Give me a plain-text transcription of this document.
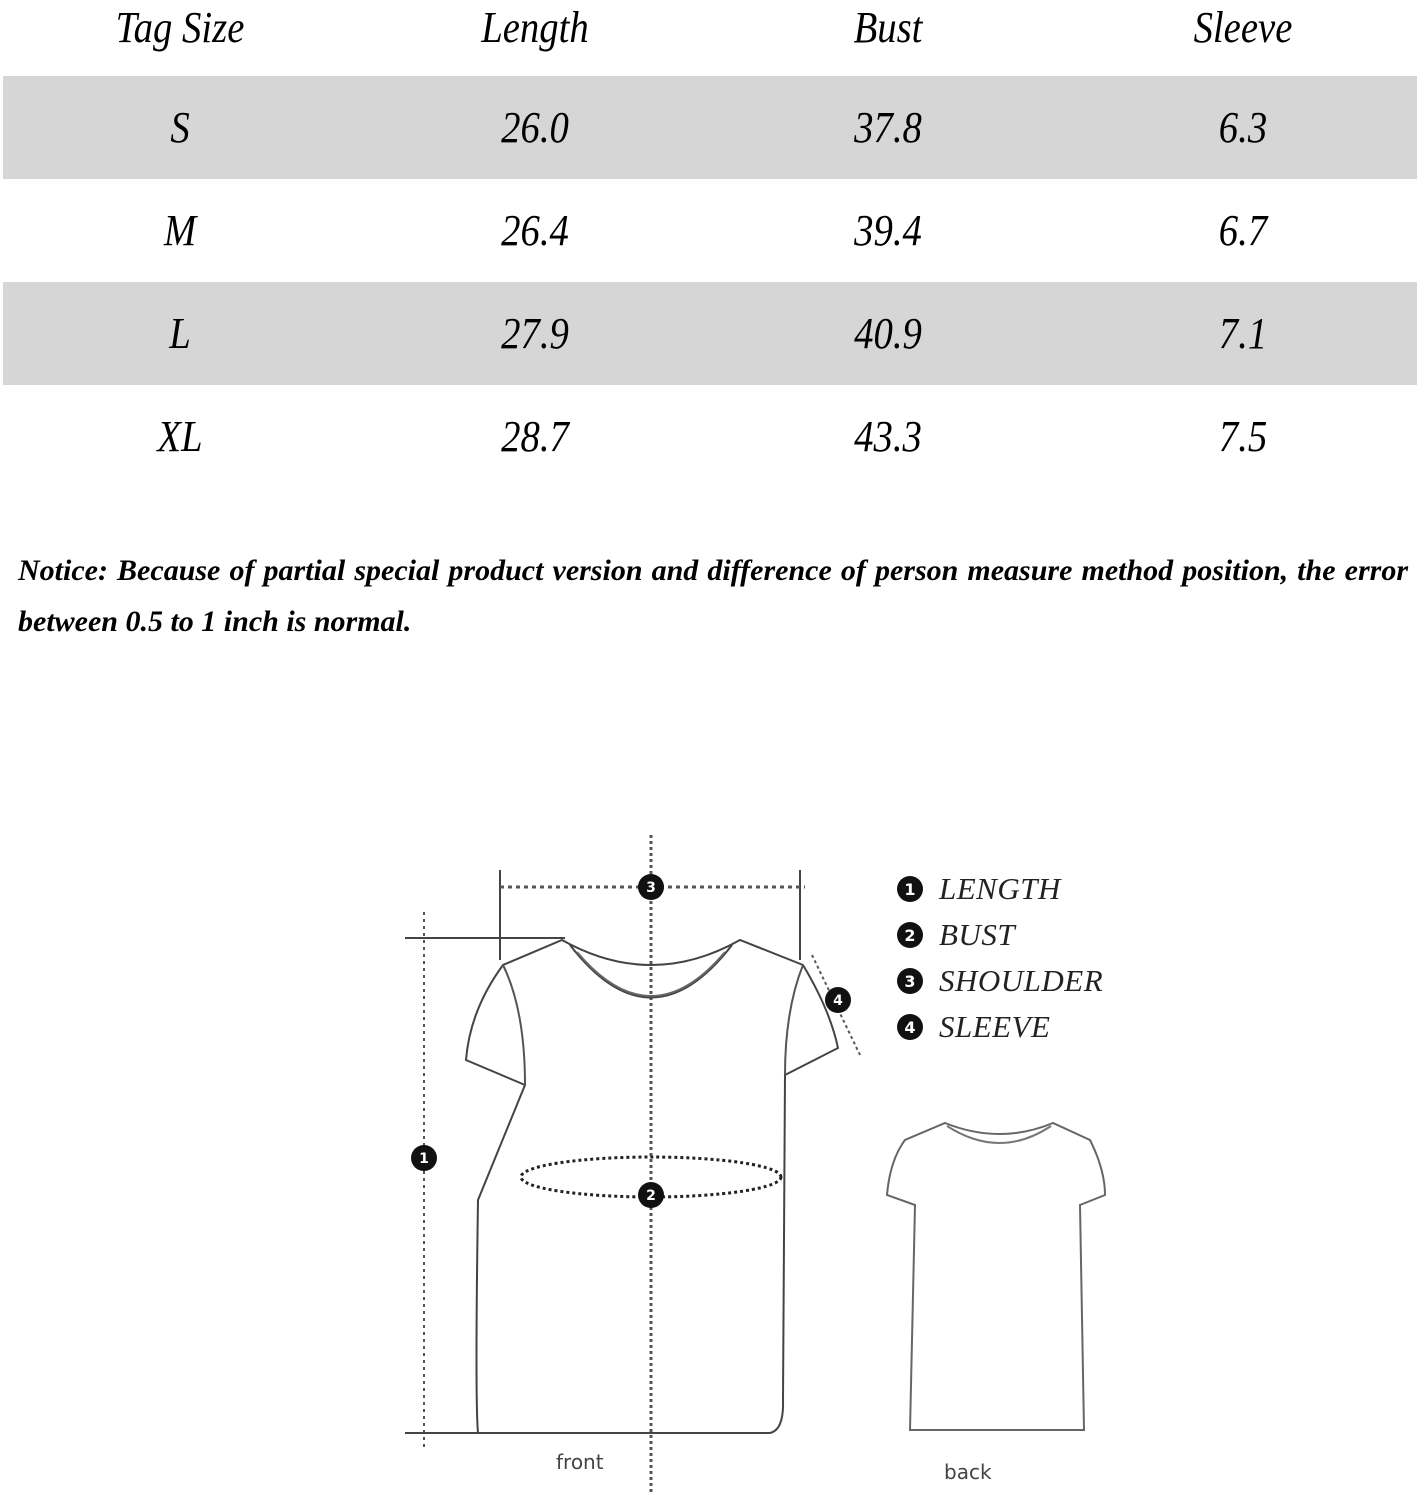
Tag Size	Length	Bust	Sleeve
S	26.0	37.8	6.3
M	26.4	39.4	6.7
L	27.9	40.9	7.1
XL	28.7	43.3	7.5
Notice: Because of partial special product version and difference of person measure method position, the error between 0.5 to 1 inch is normal.
3
1
2
4
1 LENGTH
2 BUST
3 SHOULDER
4 SLEEVE
front	back
